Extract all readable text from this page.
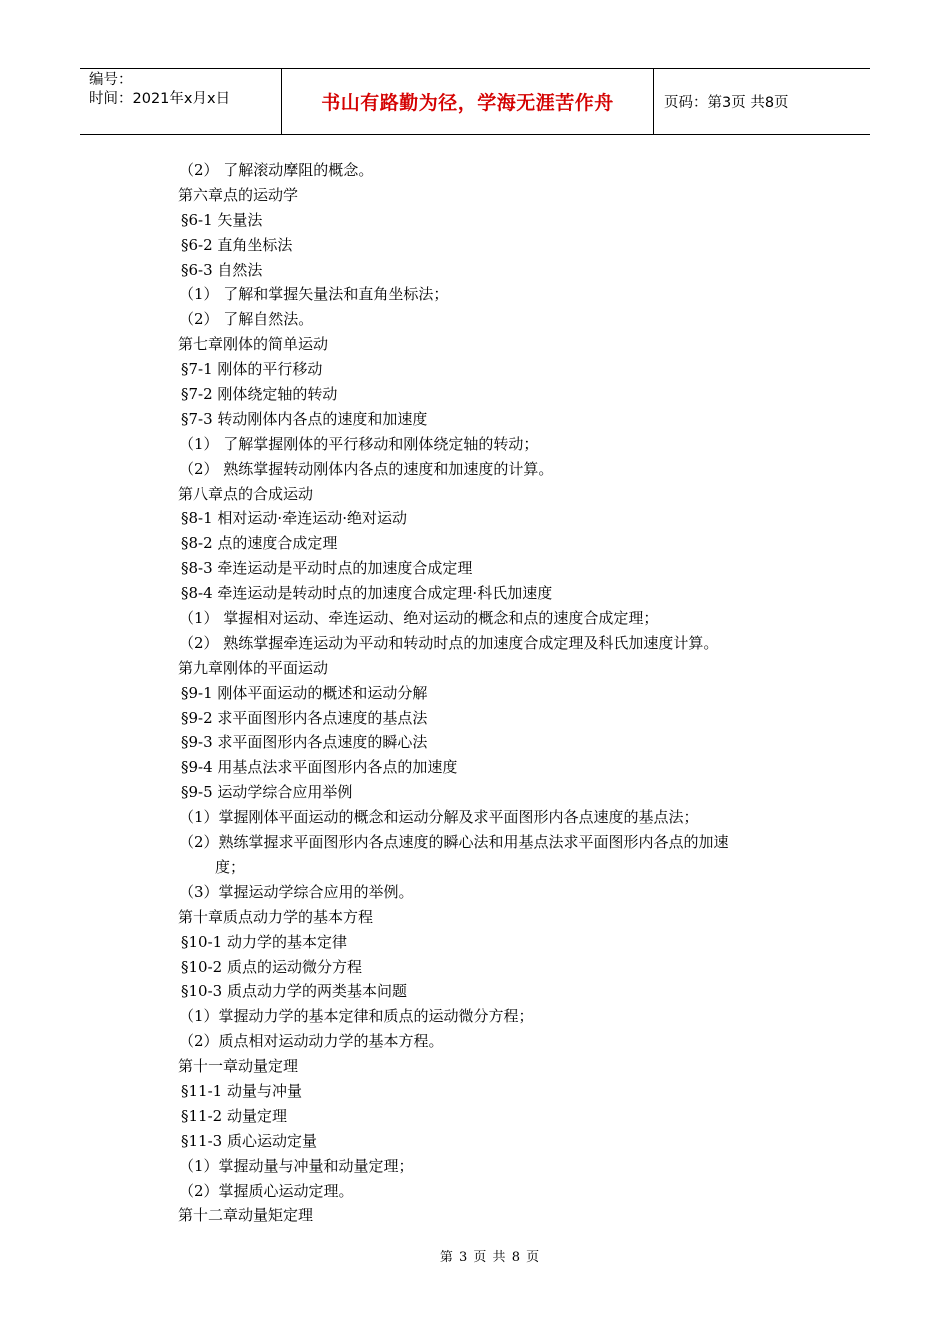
编号：
时间：2021年x月x日	书山有路勤为径，学海无涯苦作舟	页码：第3页 共8页
（2） 了解滚动摩阻的概念。
第六章点的运动学
§6-1 矢量法
§6-2 直角坐标法
§6-3 自然法
（1） 了解和掌握矢量法和直角坐标法；
（2） 了解自然法。
第七章刚体的简单运动
§7-1 刚体的平行移动
§7-2 刚体绕定轴的转动
§7-3 转动刚体内各点的速度和加速度
（1） 了解掌握刚体的平行移动和刚体绕定轴的转动；
（2） 熟练掌握转动刚体内各点的速度和加速度的计算。
第八章点的合成运动
§8-1 相对运动·牵连运动·绝对运动
§8-2 点的速度合成定理
§8-3 牵连运动是平动时点的加速度合成定理
§8-4 牵连运动是转动时点的加速度合成定理·科氏加速度
（1） 掌握相对运动、牵连运动、绝对运动的概念和点的速度合成定理；
（2） 熟练掌握牵连运动为平动和转动时点的加速度合成定理及科氏加速度计算。
第九章刚体的平面运动
§9-1 刚体平面运动的概述和运动分解
§9-2 求平面图形内各点速度的基点法
§9-3 求平面图形内各点速度的瞬心法
§9-4 用基点法求平面图形内各点的加速度
§9-5 运动学综合应用举例
（1）掌握刚体平面运动的概念和运动分解及求平面图形内各点速度的基点法；
（2）熟练掌握求平面图形内各点速度的瞬心法和用基点法求平面图形内各点的加速
度；
（3）掌握运动学综合应用的举例。
第十章质点动力学的基本方程
§10-1 动力学的基本定律
§10-2 质点的运动微分方程
§10-3 质点动力学的两类基本问题
（1）掌握动力学的基本定律和质点的运动微分方程；
（2）质点相对运动动力学的基本方程。
第十一章动量定理
§11-1 动量与冲量
§11-2 动量定理
§11-3 质心运动定量
（1）掌握动量与冲量和动量定理；
（2）掌握质心运动定理。
第十二章动量矩定理
第 3 页 共 8 页
